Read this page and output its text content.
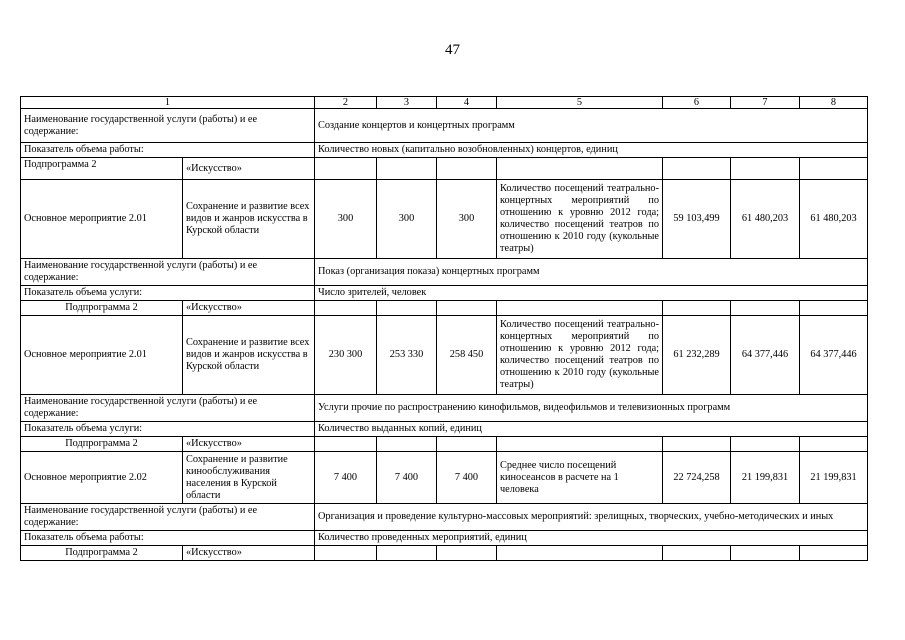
47
1		2	3	4	5	6	7	8
Наименование государственной услуги (работы) и ее содержание:		Создание концертов и концертных программ						
Показатель объема работы:		Количество новых (капитально возобновленных) концертов, единиц						
Подпрограмма 2	«Искусство»							
Основное мероприятие 2.01	Сохранение и развитие всех видов и жанров искусства в Курской области	300	300	300	Количество посещений театрально-концертных мероприятий по отношению к уровню 2012 года; количество посещений театров по отношению к 2010 году (кукольные театры)	59 103,499	61 480,203	61 480,203
Наименование государственной услуги (работы) и ее содержание:		Показ (организация показа) концертных программ						
Показатель объема услуги:		Число зрителей, человек						
Подпрограмма 2	«Искусство»							
Основное мероприятие 2.01	Сохранение и развитие всех видов и жанров искусства в Курской области	230 300	253 330	258 450	Количество посещений театрально-концертных мероприятий по отношению к уровню 2012 года; количество посещений театров по отношению к 2010 году (кукольные театры)	61 232,289	64 377,446	64 377,446
Наименование государственной услуги (работы) и ее содержание:		Услуги прочие по распространению кинофильмов, видеофильмов и телевизионных программ						
Показатель объема услуги:		Количество выданных копий, единиц						
Подпрограмма 2	«Искусство»							
Основное мероприятие 2.02	Сохранение и развитие кинообслуживания населения в Курской области	7 400	7 400	7 400	Среднее число посещений киносеансов в расчете на 1 человека	22 724,258	21 199,831	21 199,831
Наименование государственной услуги (работы) и ее содержание:		Организация и проведение культурно-массовых мероприятий: зрелищных, творческих, учебно-методических и иных						
Показатель объема работы:		Количество проведенных мероприятий, единиц						
Подпрограмма 2	«Искусство»							
